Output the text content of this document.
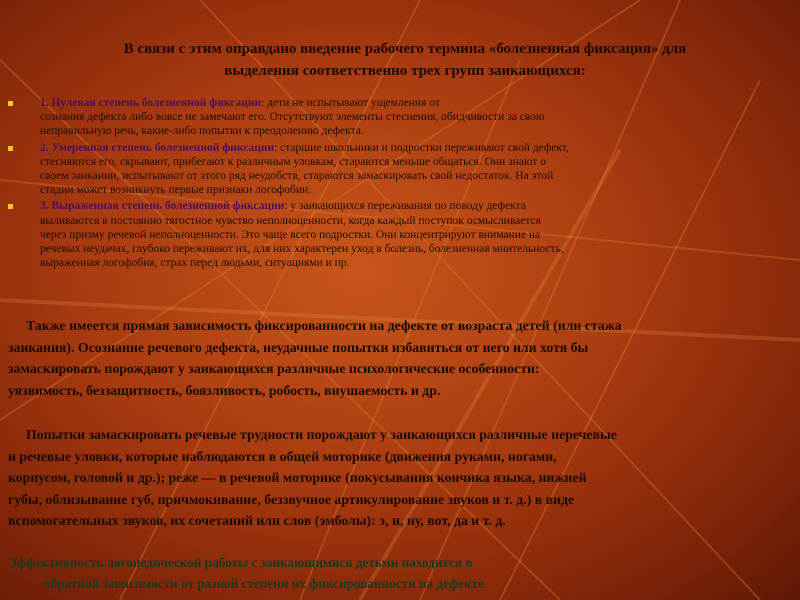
В связи с этим оправдано введение рабочего термина «болезненная фиксация» для
выделения соответственно трех групп заикающихся:
1. Нулевая степень болезненной фиксации: дети не испытывают ущемления от
сознания дефекта либо вовсе не замечают его. Отсутствуют элементы стеснения, обидчивости за свою
неправильную речь, какие-либо попытки к преодолению дефекта.
2. Умеренная степень болезненной фиксации: старшие школьники и подростки переживают свой дефект,
стесняются его, скрывают, прибегают к различным уловкам, стараются меньше общаться. Они знают о
своем заикании, испытывают от этого ряд неудобств, стараются замаскировать свой недостаток. На этой
стадии может возникнуть первые признаки логофобии.
3. Выраженная степень болезненной фиксации: у заикающихся переживания по поводу дефекта
выливаются в постоянно тягостное чувство неполноценности, когда каждый поступок осмысливается
через призму речевой неполноценности. Это чаще всего подростки. Они концентрируют внимание на
речевых неудачах, глубоко переживают их, для них характерен уход в болезнь, болезненная мнительность,
выраженная логофобия, страх перед людьми, ситуациями и пр.
Также имеется прямая зависимость фиксированности на дефекте от возраста детей (или стажа
заикания). Осознание речевого дефекта, неудачные попытки избавиться от него или хотя бы
замаскировать порождают у заикающихся различные психологические особенности:
уязвимость, беззащитность, боязливость, робость, внушаемость и др.
Попытки замаскировать речевые трудности порождают у заикающихся различные неречевые
и речевые уловки, которые наблюдаются в общей моторике (движения руками, ногами,
корпусом, головой и др.); реже — в речевой моторике (покусывания кончика языка, нижней
губы, облизывание губ, причмокивание, беззвучное артикулирование звуков и т. д.) в виде
вспомогательных звуков, их сочетаний или слов (эмболы): э, и, ну, вот, да и т. д.
Эффективность логопедической работы с заикающимися детьми находится в
обратной зависимости от разной степени их фиксированности на дефекте
